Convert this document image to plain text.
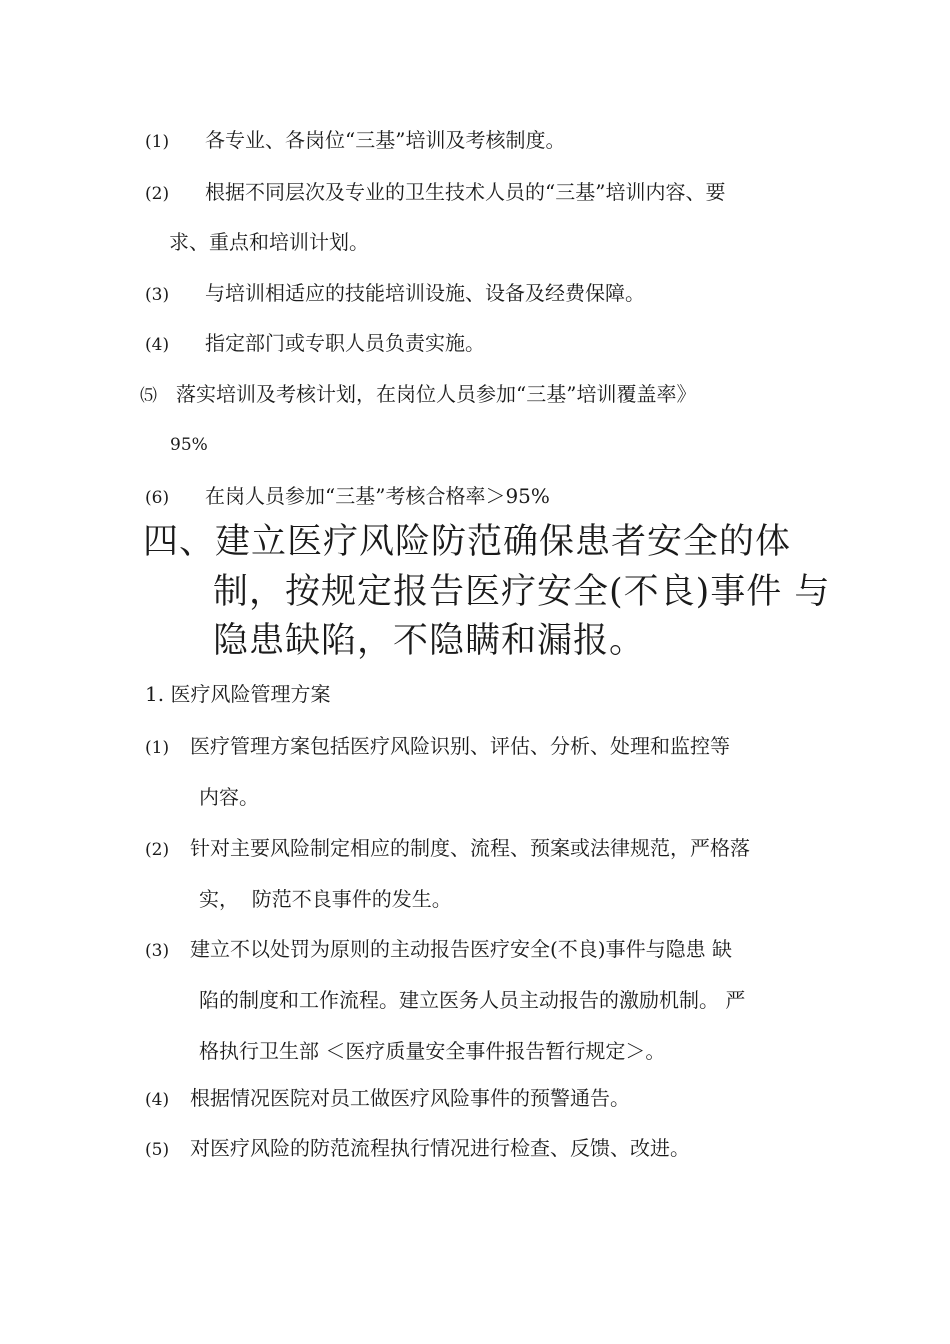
(1) 各专业、各岗位“三基”培训及考核制度。
(2) 根据不同层次及专业的卫生技术人员的“三基”培训内容、要
求、重点和培训计划。
(3) 与培训相适应的技能培训设施、设备及经费保障。
(4) 指定部门或专职人员负责实施。
⑸ 落实培训及考核计划，在岗位人员参加“三基”培训覆盖率》
95%
(6) 在岗人员参加“三基”考核合格率＞95%
四、建立医疗风险防范确保患者安全的体
制，按规定报告医疗安全(不良)事件 与
隐患缺陷，不隐瞒和漏报。
1. 医疗风险管理方案
(1) 医疗管理方案包括医疗风险识别、评估、分析、处理和监控等
内容。
(2) 针对主要风险制定相应的制度、流程、预案或法律规范，严格落
实，  防范不良事件的发生。
(3) 建立不以处罚为原则的主动报告医疗安全(不良)事件与隐患 缺
陷的制度和工作流程。建立医务人员主动报告的激励机制。 严
格执行卫生部 ＜医疗质量安全事件报告暂行规定＞。
(4) 根据情况医院对员工做医疗风险事件的预警通告。
(5) 对医疗风险的防范流程执行情况进行检查、反馈、改进。
